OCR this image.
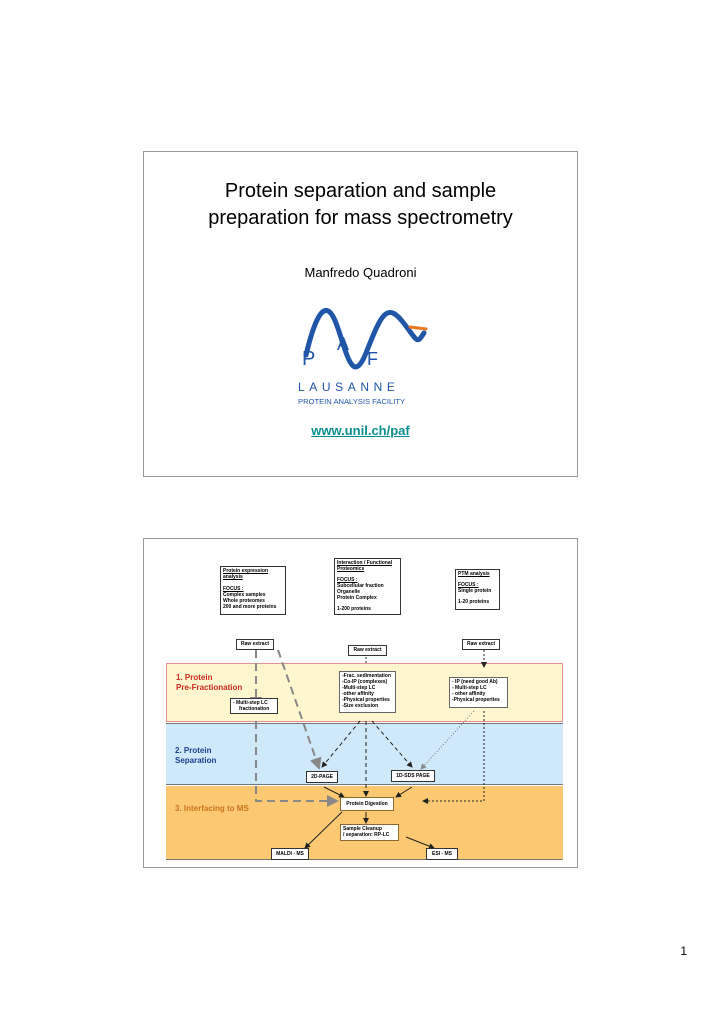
Protein separation and sample
preparation for mass spectrometry
Manfredo Quadroni
P
A
F
LAUSANNE
PROTEIN ANALYSIS FACILITY
www.unil.ch/paf
1. Protein
Pre-Fractionation
2. Protein
Separation
3. Interfacing to MS
Protein expression
analysis
FOCUS :
Complex samples
Whole proteomes
200 and more proteins
Interaction / Functional
Proteomics
FOCUS :
Subcellular fraction
Organelle
Protein Complex
1-200 proteins
PTM analysis
FOCUS :
Single protein
1-20 proteins
Raw extract
Raw extract
Raw extract
- Multi-step LC
fractionation
-Frac. sedimentation
-Co-IP (complexes)
-Multi-step LC
-other affinity
-Physical properties
-Size exclusion
- IP (need good Ab)
- Multi-step LC
- other affinity
-Physical properties
2D-PAGE	1D-SDS PAGE
Protein Digestion
Sample Cleanup
/ separation: RP-LC
MALDI - MS	ESI - MS
1
